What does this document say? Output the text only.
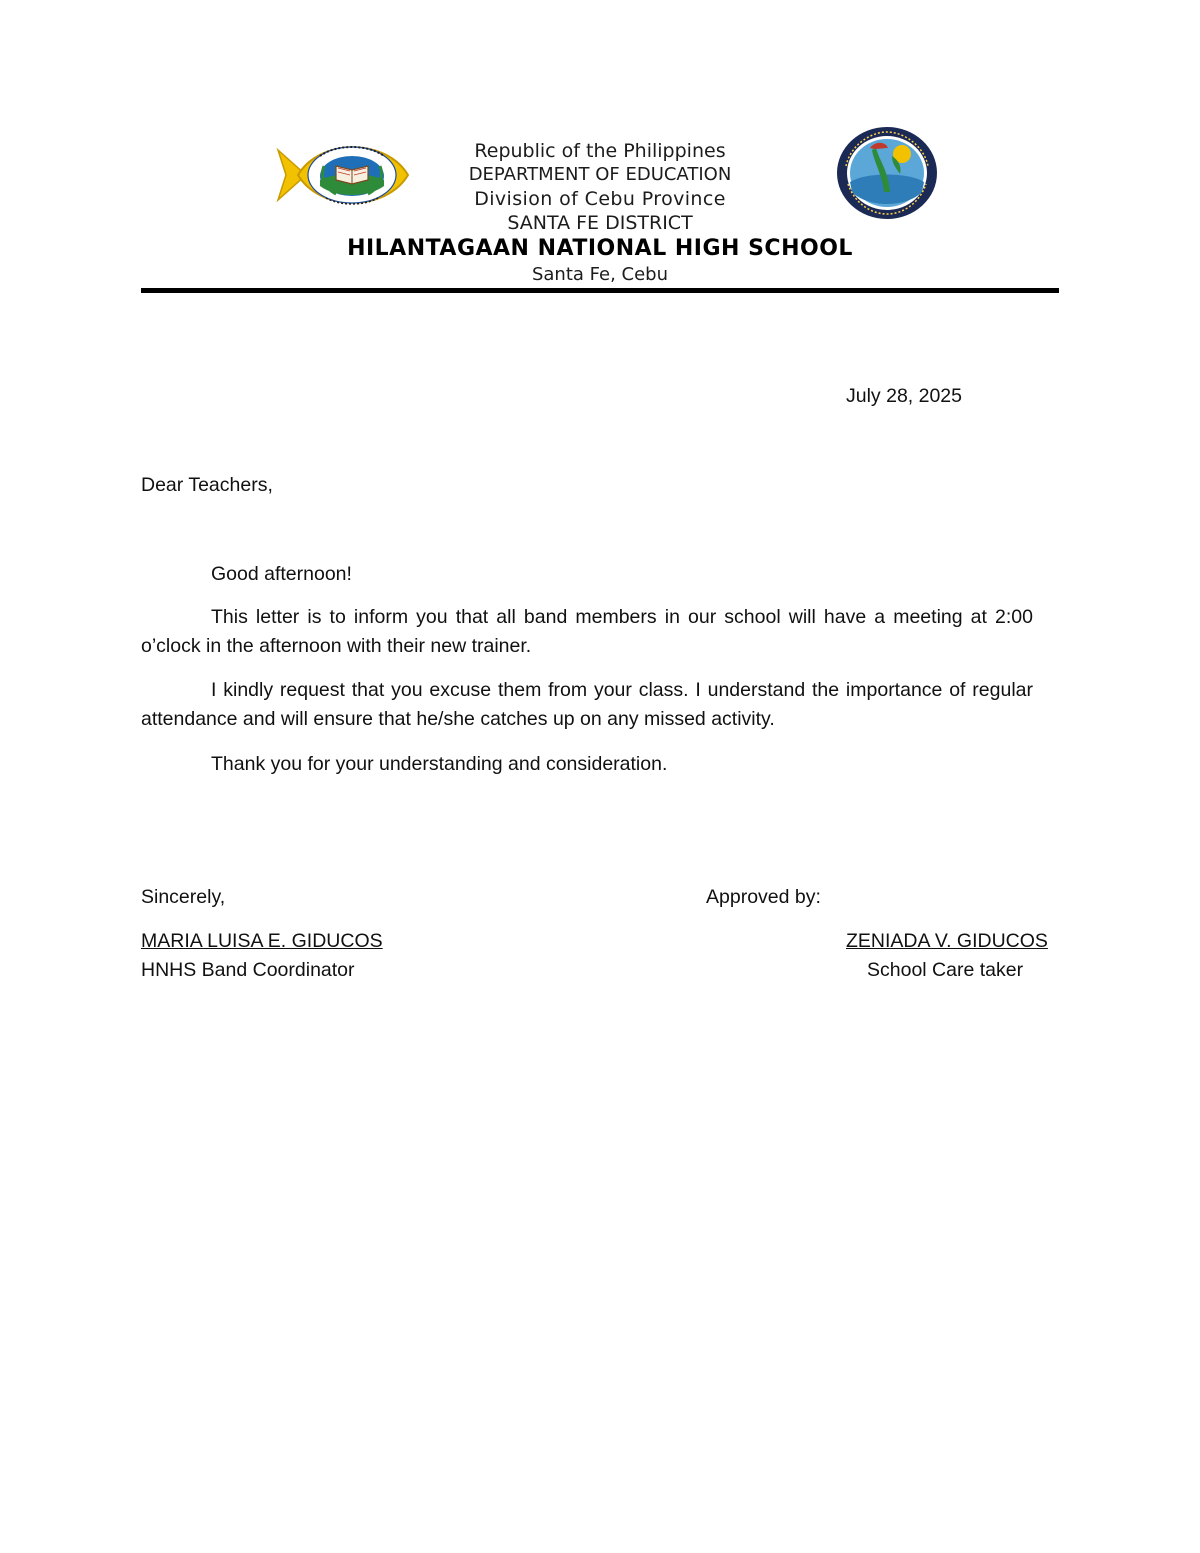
Republic of the Philippines
DEPARTMENT OF EDUCATION
Division of Cebu Province
SANTA FE DISTRICT
HILANTAGAAN NATIONAL HIGH SCHOOL
Santa Fe, Cebu
July 28, 2025
Dear Teachers,
Good afternoon!
This letter is to inform you that all band members in our school will have a meeting at 2:00 o’clock in the afternoon with their new trainer.
I kindly request that you excuse them from your class. I understand the importance of regular attendance and will ensure that he/she catches up on any missed activity.
Thank you for your understanding and consideration.
Sincerely,	Approved by:
MARIA LUISA E. GIDUCOS
HNHS Band Coordinator
ZENIADA V. GIDUCOS
School Care taker
